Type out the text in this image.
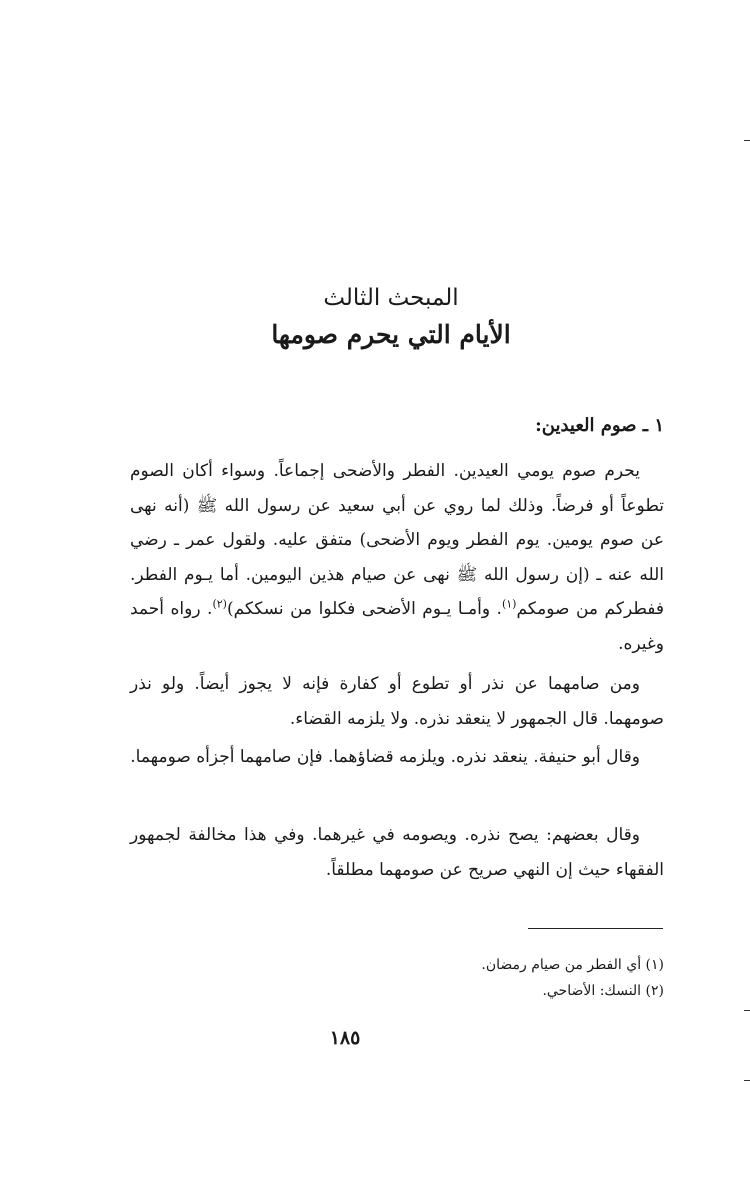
المبحث الثالث
الأيام التي يحرم صومها
١ ـ صوم العيدين:

يحرم صوم يومي العيدين. الفطر والأضحى إجماعاً. وسواء أكان الصوم تطوعاً أو فرضاً. وذلك لما روي عن أبي سعيد عن رسول الله ﷺ (أنه نهى عن صوم يومين. يوم الفطر ويوم الأضحى) متفق عليه. ولقول عمر ـ رضي الله عنه ـ (إن رسول الله ﷺ نهى عن صيام هذين اليومين. أما يـوم الفطر. ففطركم من صومكم$^{(١)}$. وأمـا يـوم الأضحى فكلوا من نسككم)$^{(٢)}$. رواه أحمد وغيره.

ومن صامهما عن نذر أو تطوع أو كفارة فإنه لا يجوز أيضاً. ولو نذر صومهما. قال الجمهور لا ينعقد نذره. ولا يلزمه القضاء.

وقال أبو حنيفة. ينعقد نذره. ويلزمه قضاؤهما. فإن صامهما أجزأه صومهما.

وقال بعضهم: يصح نذره. ويصومه في غيرهما. وفي هذا مخالفة لجمهور الفقهاء حيث إن النهي صريح عن صومهما مطلقاً.

(١) أي الفطر من صيام رمضان.

(٢) النسك: الأضاحي.

١٨٥
